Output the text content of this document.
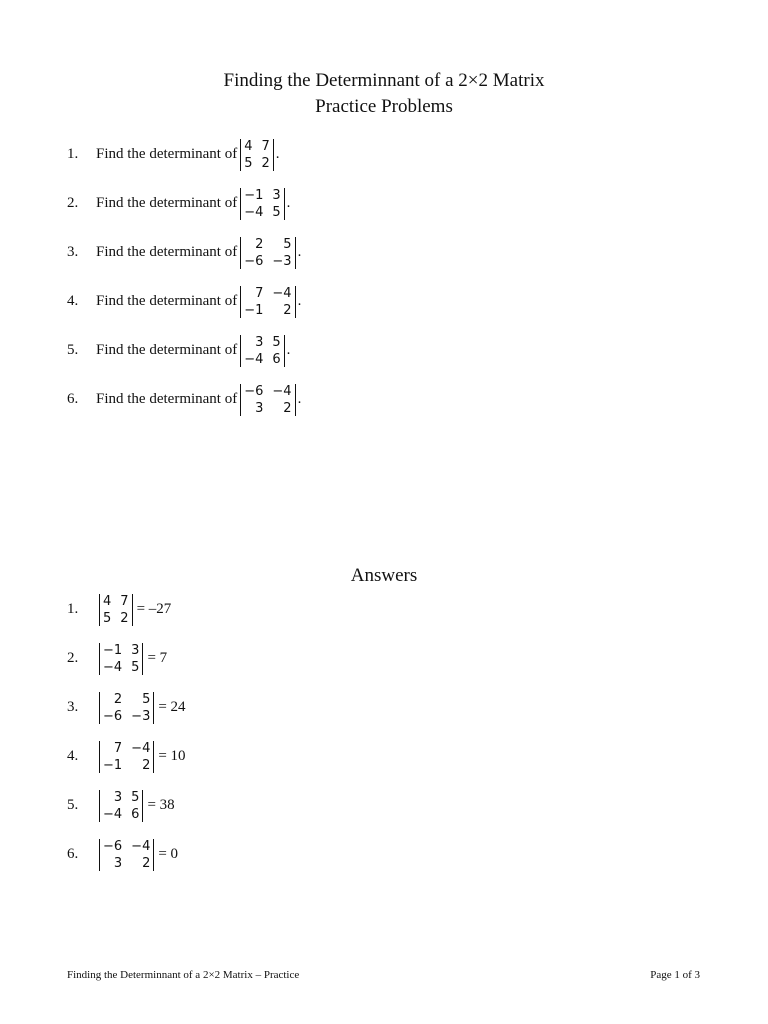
Finding the Determinnant of a 2×2 Matrix
Practice Problems
1.	Find the determinant of 4 7
5 2
.
2.	Find the determinant of −1 3
−4 5
.
3.	Find the determinant of	2	5
−6 −3
.
4.	Find the determinant of	7 −4
−1	2
.
5.	Find the determinant of	3 5
−4 6
.
6.	Find the determinant of −6 −4
3	2
.
Answers
1.	4 7
5 2
= –27
2.	−1 3
−4 5
= 7
3.	2	5
−6 −3
= 24
4.	7 −4
−1	2
= 10
5.	3 5
−4 6
= 38
6.	−6 −4
3	2
= 0
Finding the Determinnant of a 2×2 Matrix – Practice	Page 1 of 3
